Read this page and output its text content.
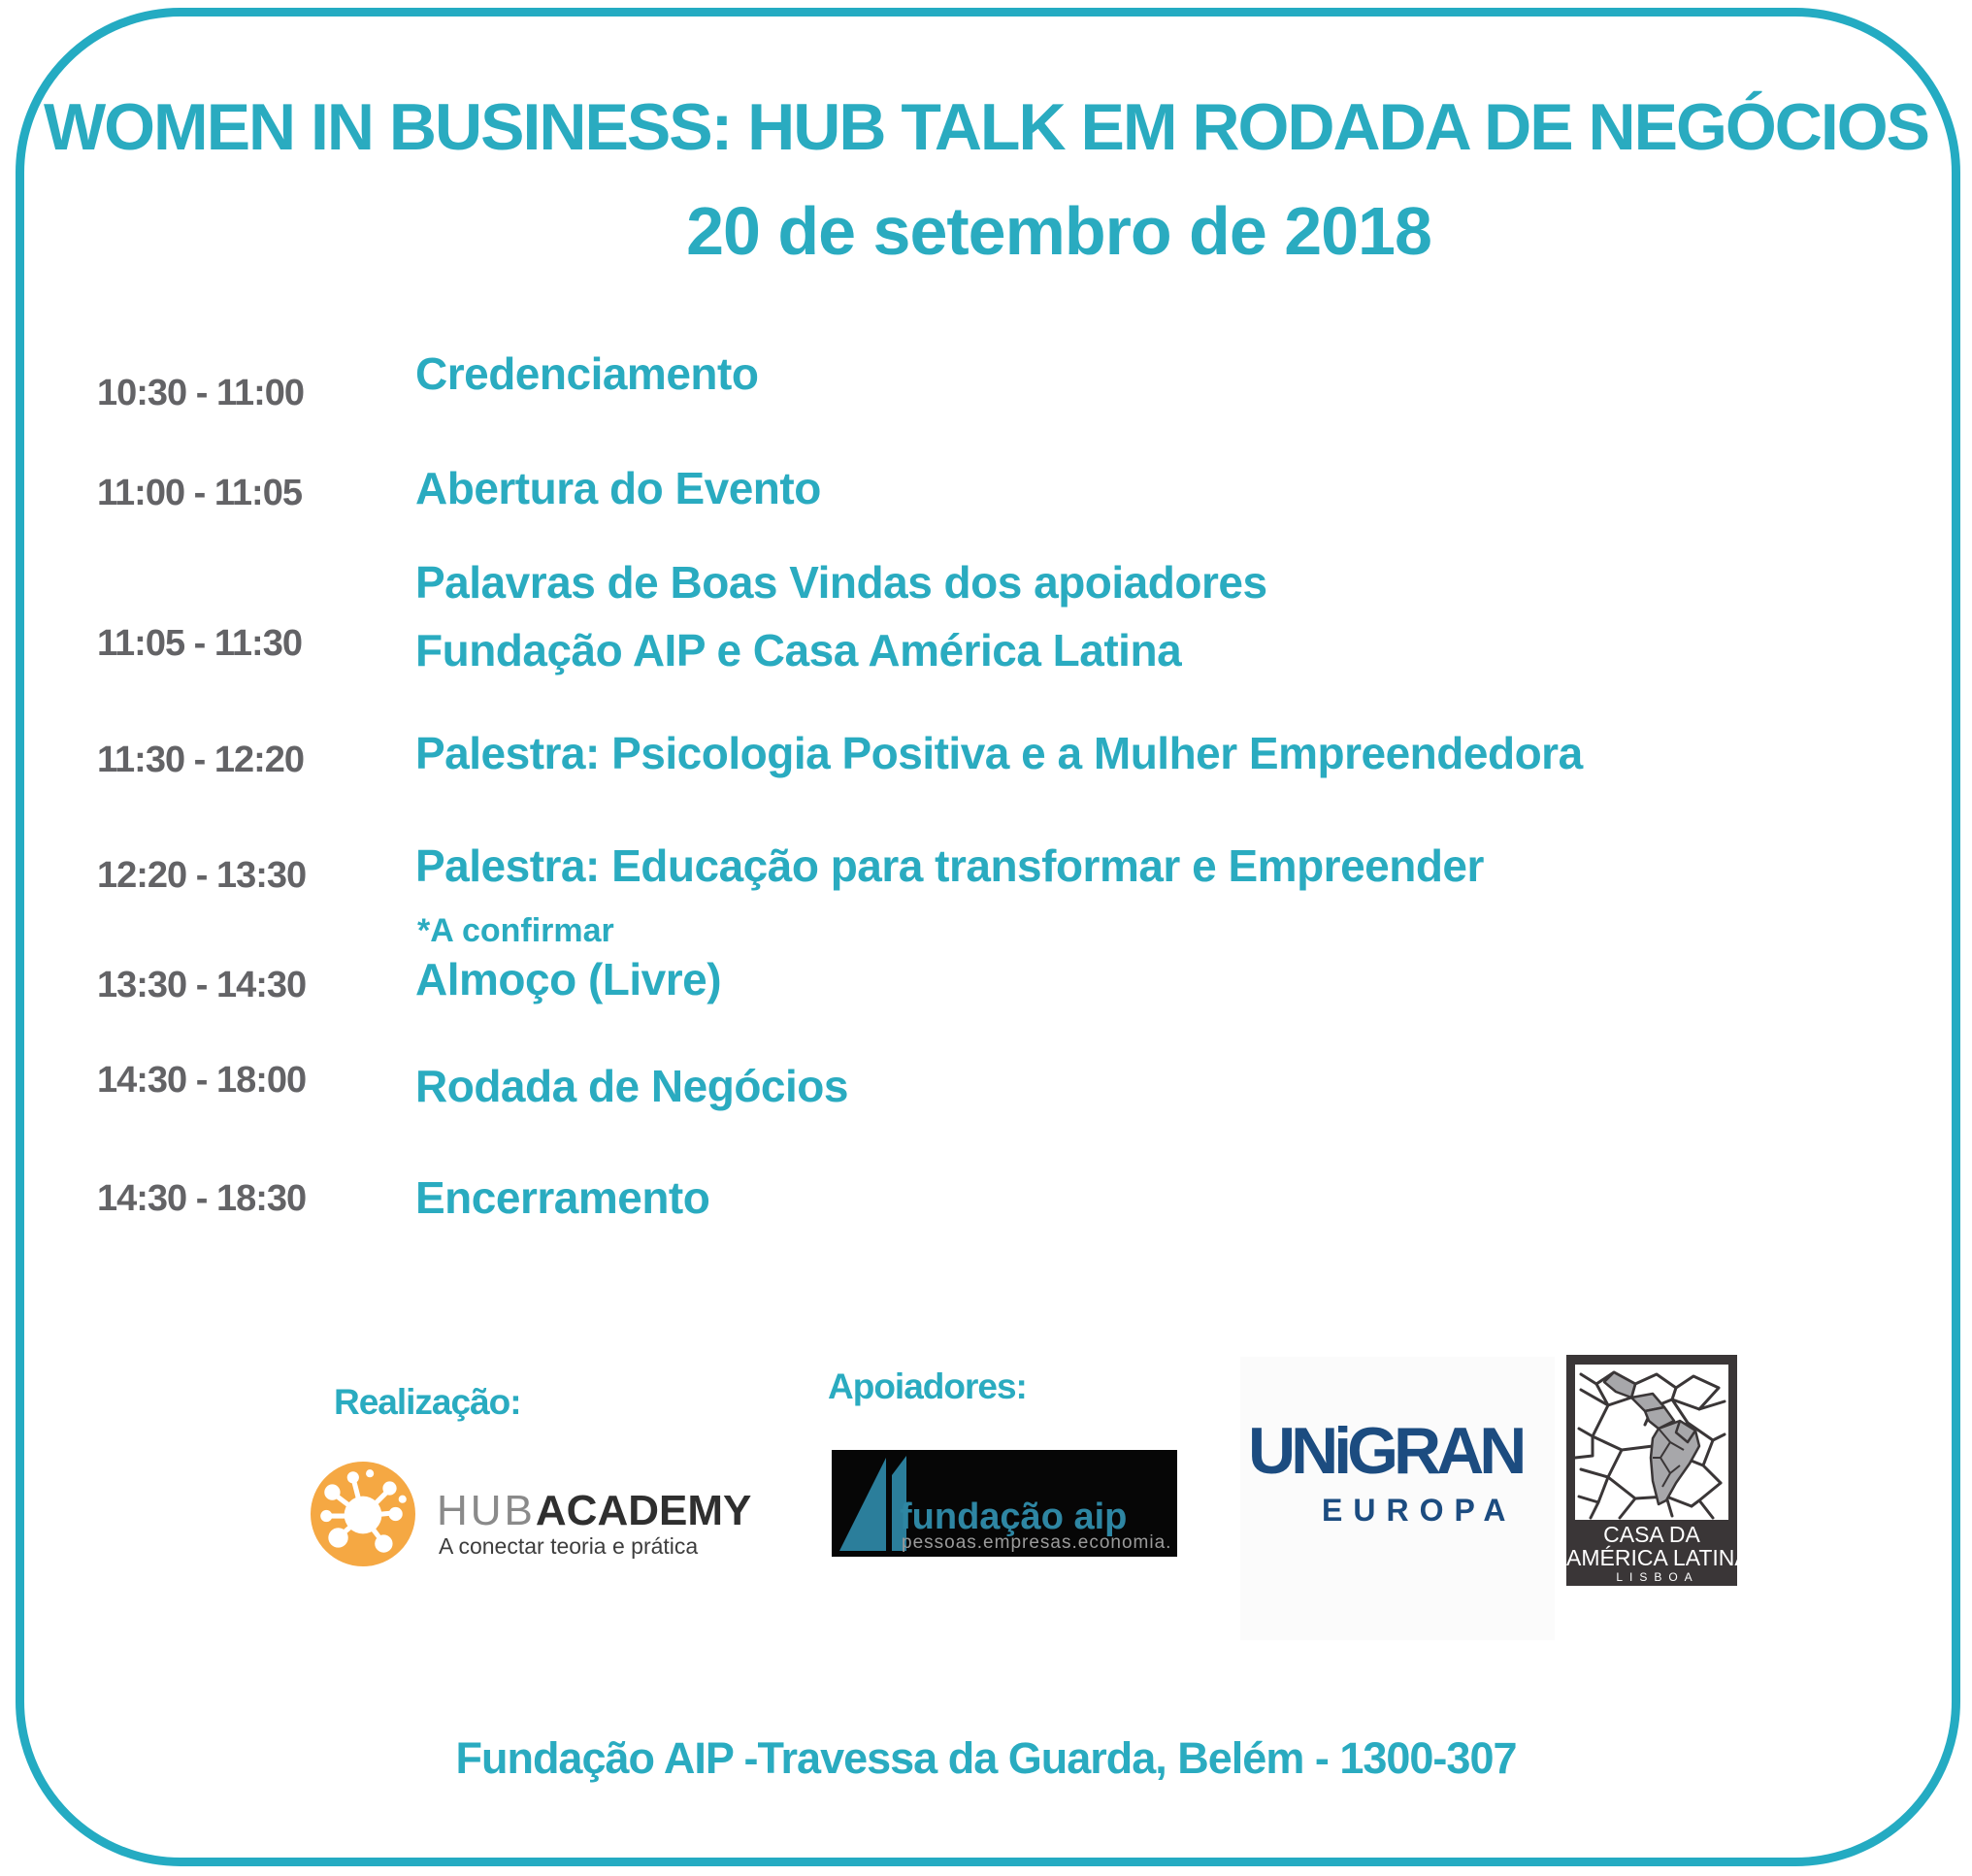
WOMEN IN BUSINESS: HUB TALK EM RODADA DE NEGÓCIOS
20 de setembro de 2018
10:30 - 11:00 Credenciamento
11:00 - 11:05	Abertura do Evento
11:05 - 11:30
Palavras de Boas Vindas dos apoiadores
Fundação AIP e Casa América Latina
11:30 - 12:20 Palestra: Psicologia Positiva e a Mulher Empreendedora
12:20 - 13:30 Palestra: Educação para transformar e Empreender
*A confirmar
13:30 - 14:30 Almoço (Livre)
14:30 - 18:00 Rodada de Negócios
14:30 - 18:30 Encerramento
Realização:
HUBACADEMY
A conectar teoria e prática
Apoiadores:
fundação aip
pessoas.empresas.economia.
UNiGRAN
EUROPA
CASA DA
AMÉRICA LATINA
LISBOA
Fundação AIP -Travessa da Guarda, Belém - 1300-307
